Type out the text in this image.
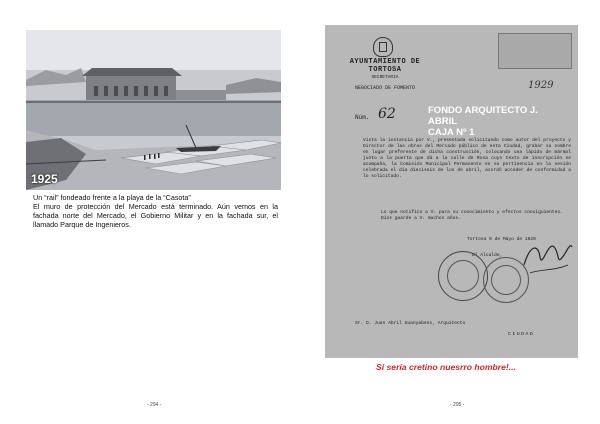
1925
Un “rail” fondeado frente a la playa de la “Casota”
El muro de protección del Mercado está terminado. Aún vemos en la fachada norte del Mercado, el Gobierno Militar y en la fachada sur, el llamado Parque de Ingenieros.
- 294 -
AYUNTAMIENTO DE TORTOSA
SECRETARIA
NEGOCIADO DE FOMENTO	1929
Núm. 62	FONDO ARQUITECTO J. ABRIL
CAJA Nº 1
Vista la instancia por V., presentada solicitando como autor del proyecto y Director de las obras del Mercado público de esta Ciudad, grabar su nombre en lugar preferente de dicha construcción, colocando una lápida de mármol junto a la puerta que dá a la calle de Rosa cuyo texto de inscripción se acompaña, la Comisión Municipal Permanente en su pertinencia en la sesión celebrada el día dieciseis de los de abril, acordó acceder de conformidad a lo solicitado.
Lo que notifico a V. para su conocimiento y efectos consiguientes.
Dios guarde a V. muchos años.
Tortosa 9 de Mayo de 1929
El Alcalde,
Sr. D. Juan Abril Guanyabens, Arquitecto
CIUDAD
Si sería cretino nuesrro hombre!...
- 295 -
